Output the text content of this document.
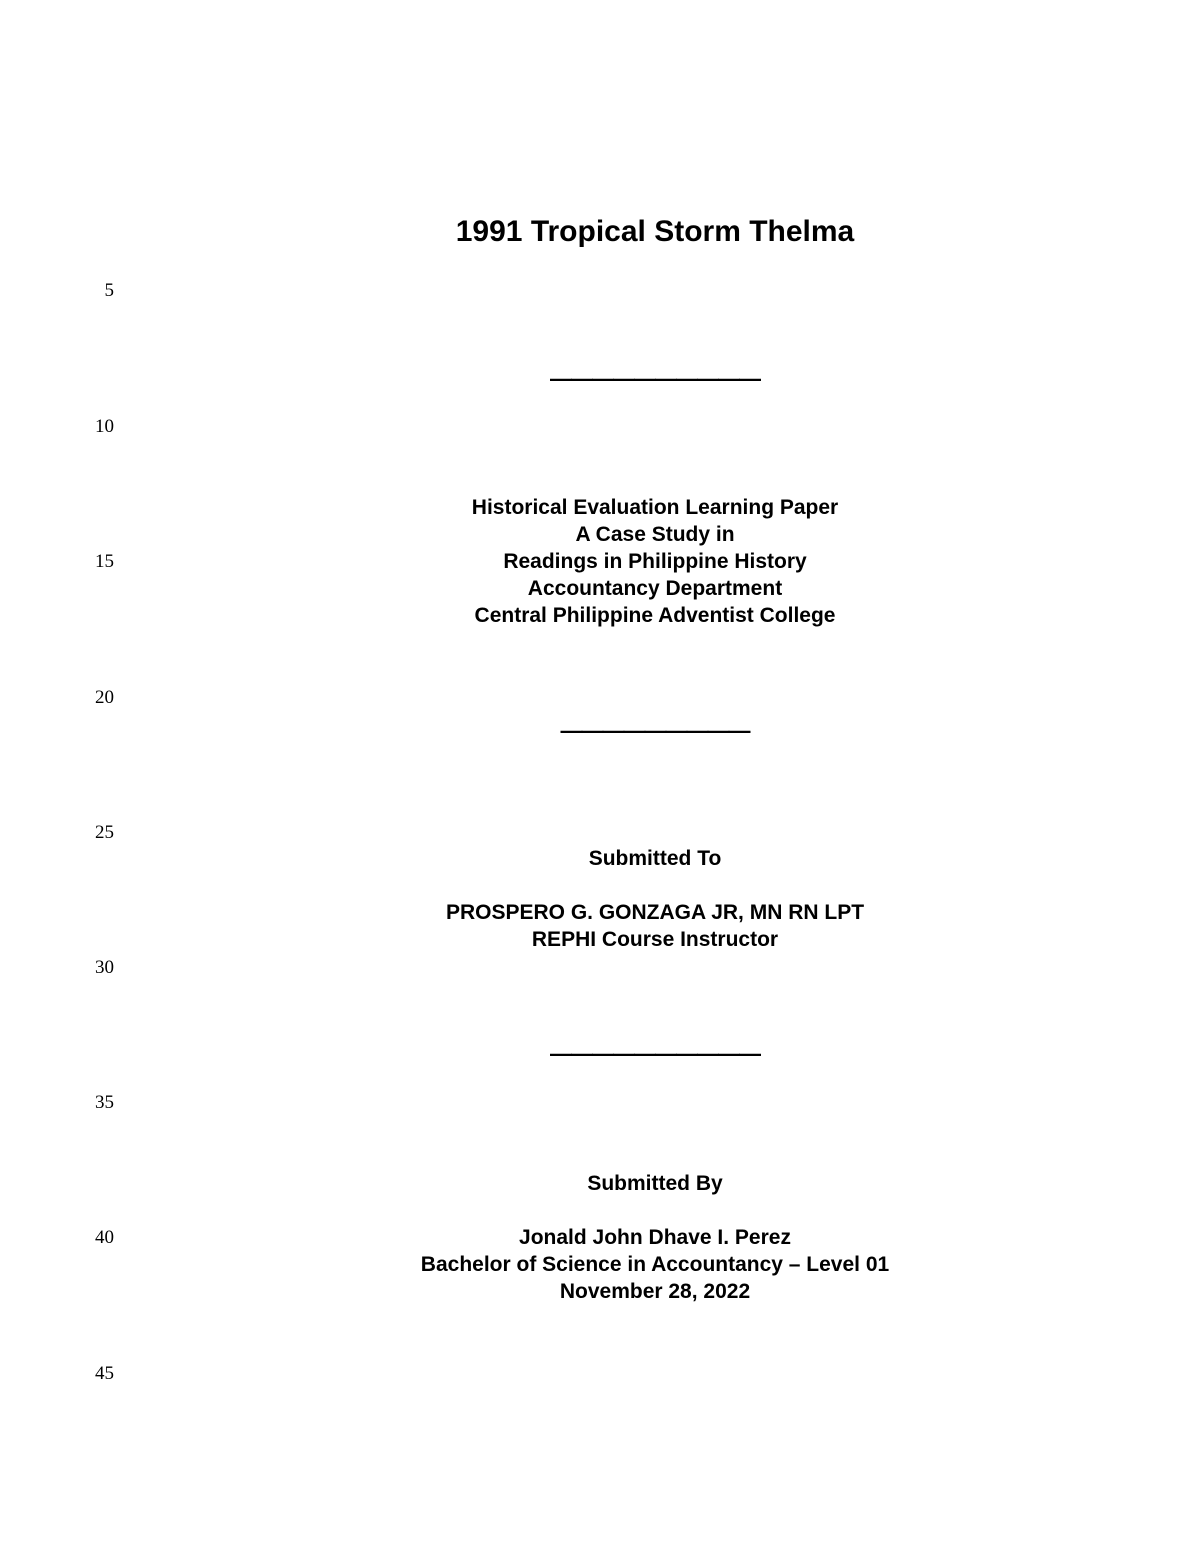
5
10
15
20
25
30
35
40
45
1991 Tropical Storm Thelma
——————————
Historical Evaluation Learning Paper
A Case Study in
Readings in Philippine History
Accountancy Department
Central Philippine Adventist College
—————————
Submitted To
PROSPERO G. GONZAGA JR, MN RN LPT
REPHI Course Instructor
——————————
Submitted By
Jonald John Dhave I. Perez
Bachelor of Science in Accountancy – Level 01
November 28, 2022
